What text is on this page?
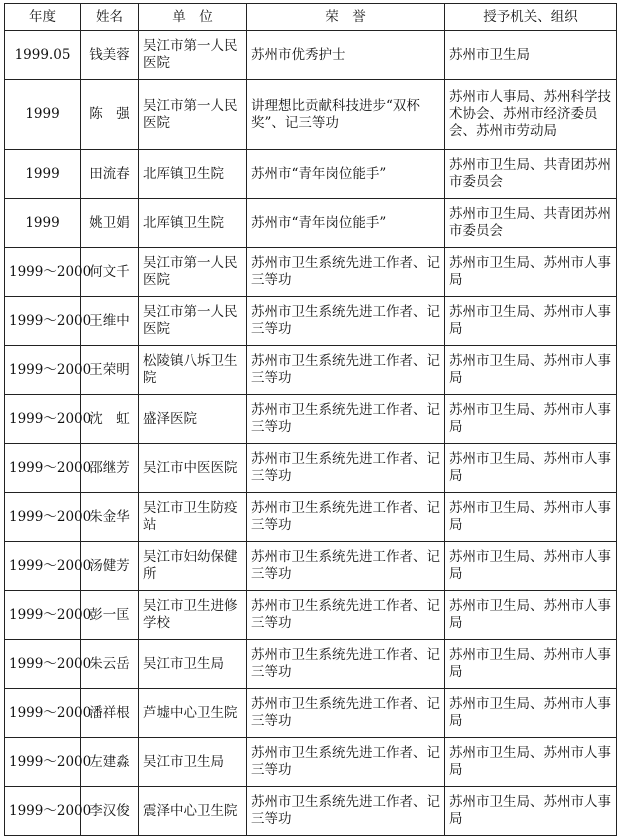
年度	姓名	单　位	荣　誉	授予机关、组织
1999.05	钱美蓉	吴江市第一人民医院	苏州市优秀护士	苏州市卫生局
1999	陈　强	吴江市第一人民医院	讲理想比贡献科技进步“双杯奖”、记三等功	苏州市人事局、苏州科学技术协会、苏州市经济委员会、苏州市劳动局
1999	田流春	北厍镇卫生院	苏州市“青年岗位能手”	苏州市卫生局、共青团苏州市委员会
1999	姚卫娟	北厍镇卫生院	苏州市“青年岗位能手”	苏州市卫生局、共青团苏州市委员会
1999～2000	何文千	吴江市第一人民医院	苏州市卫生系统先进工作者、记三等功	苏州市卫生局、苏州市人事局
1999～2000	王维中	吴江市第一人民医院	苏州市卫生系统先进工作者、记三等功	苏州市卫生局、苏州市人事局
1999～2000	王荣明	松陵镇八坼卫生院	苏州市卫生系统先进工作者、记三等功	苏州市卫生局、苏州市人事局
1999～2000	沈　虹	盛泽医院	苏州市卫生系统先进工作者、记三等功	苏州市卫生局、苏州市人事局
1999～2000	邵继芳	吴江市中医医院	苏州市卫生系统先进工作者、记三等功	苏州市卫生局、苏州市人事局
1999～2000	朱金华	吴江市卫生防疫站	苏州市卫生系统先进工作者、记三等功	苏州市卫生局、苏州市人事局
1999～2000	汤健芳	吴江市妇幼保健所	苏州市卫生系统先进工作者、记三等功	苏州市卫生局、苏州市人事局
1999～2000	彭一匡	吴江市卫生进修学校	苏州市卫生系统先进工作者、记三等功	苏州市卫生局、苏州市人事局
1999～2000	朱云岳	吴江市卫生局	苏州市卫生系统先进工作者、记三等功	苏州市卫生局、苏州市人事局
1999～2000	潘祥根	芦墟中心卫生院	苏州市卫生系统先进工作者、记三等功	苏州市卫生局、苏州市人事局
1999～2000	左建淼	吴江市卫生局	苏州市卫生系统先进工作者、记三等功	苏州市卫生局、苏州市人事局
1999～2000	李汉俊	震泽中心卫生院	苏州市卫生系统先进工作者、记三等功	苏州市卫生局、苏州市人事局
